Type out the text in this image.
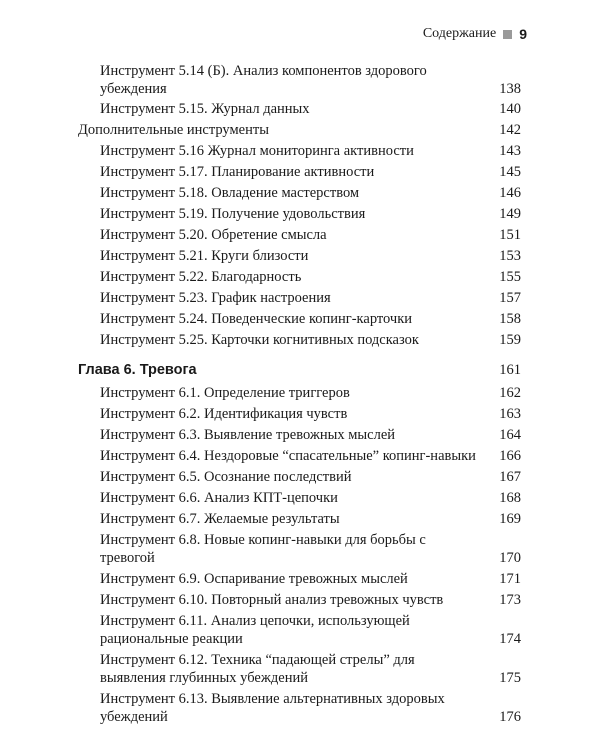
Содержание 9
Инструмент 5.14 (Б). Анализ компонентов здорового убеждения	138
Инструмент 5.15. Журнал данных	140
Дополнительные инструменты	142
Инструмент 5.16 Журнал мониторинга активности	143
Инструмент 5.17. Планирование активности	145
Инструмент 5.18. Овладение мастерством	146
Инструмент 5.19. Получение удовольствия	149
Инструмент 5.20. Обретение смысла	151
Инструмент 5.21. Круги близости	153
Инструмент 5.22. Благодарность	155
Инструмент 5.23. График настроения	157
Инструмент 5.24. Поведенческие копинг-карточки	158
Инструмент 5.25. Карточки когнитивных подсказок	159
Глава 6. Тревога	161
Инструмент 6.1. Определение триггеров	162
Инструмент 6.2. Идентификация чувств	163
Инструмент 6.3. Выявление тревожных мыслей	164
Инструмент 6.4. Нездоровые “спасательные” копинг-навыки	166
Инструмент 6.5. Осознание последствий	167
Инструмент 6.6. Анализ КПТ-цепочки	168
Инструмент 6.7. Желаемые результаты	169
Инструмент 6.8. Новые копинг-навыки для борьбы с тревогой	170
Инструмент 6.9. Оспаривание тревожных мыслей	171
Инструмент 6.10. Повторный анализ тревожных чувств	173
Инструмент 6.11. Анализ цепочки, использующей рациональные реакции	174
Инструмент 6.12. Техника “падающей стрелы” для выявления глубинных убеждений	175
Инструмент 6.13. Выявление альтернативных здоровых убеждений	176
